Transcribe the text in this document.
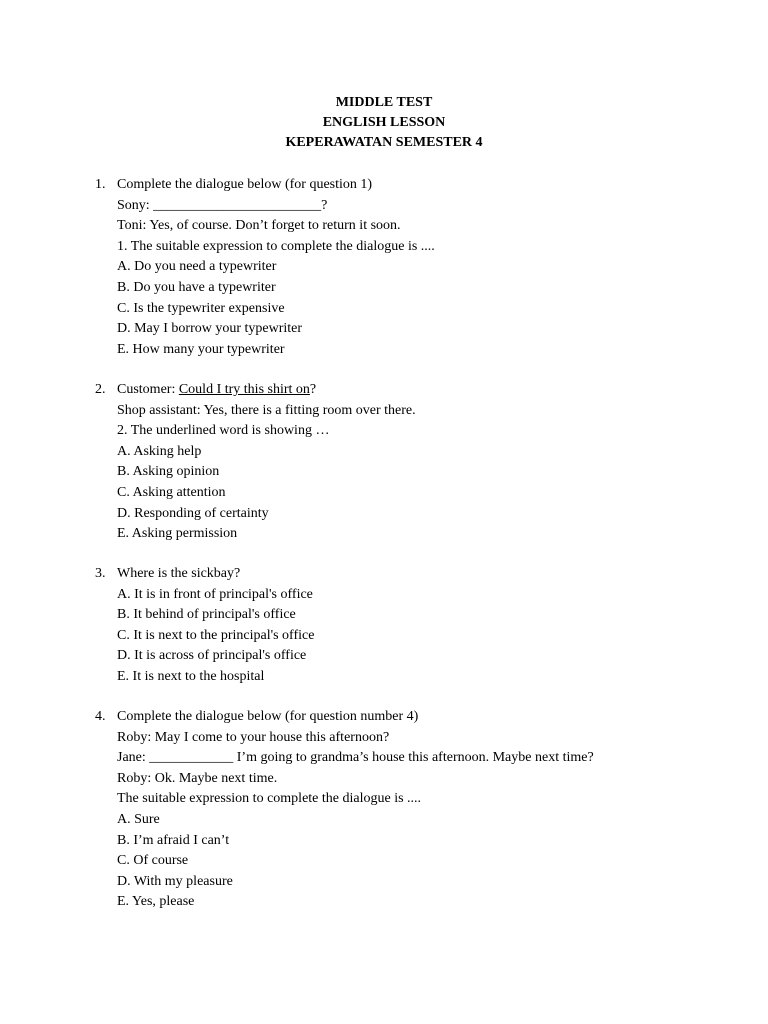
MIDDLE TEST
ENGLISH LESSON
KEPERAWATAN SEMESTER 4
1. Complete the dialogue below (for question 1)
Sony: ________________________?
Toni: Yes, of course. Don’t forget to return it soon.
1. The suitable expression to complete the dialogue is ....
A. Do you need a typewriter
B. Do you have a typewriter
C. Is the typewriter expensive
D. May I borrow your typewriter
E. How many your typewriter
2. Customer: Could I try this shirt on?
Shop assistant: Yes, there is a fitting room over there.
2. The underlined word is showing …
A. Asking help
B. Asking opinion
C. Asking attention
D. Responding of certainty
E. Asking permission
3. Where is the sickbay?
A. It is in front of principal's office
B. It behind of principal's office
C. It is next to the principal's office
D. It is across of principal's office
E. It is next to the hospital
4. Complete the dialogue below (for question number 4)
Roby: May I come to your house this afternoon?
Jane: ____________ I’m going to grandma’s house this afternoon. Maybe next time?
Roby: Ok. Maybe next time.
The suitable expression to complete the dialogue is ....
A. Sure
B. I’m afraid I can’t
C. Of course
D. With my pleasure
E. Yes, please
